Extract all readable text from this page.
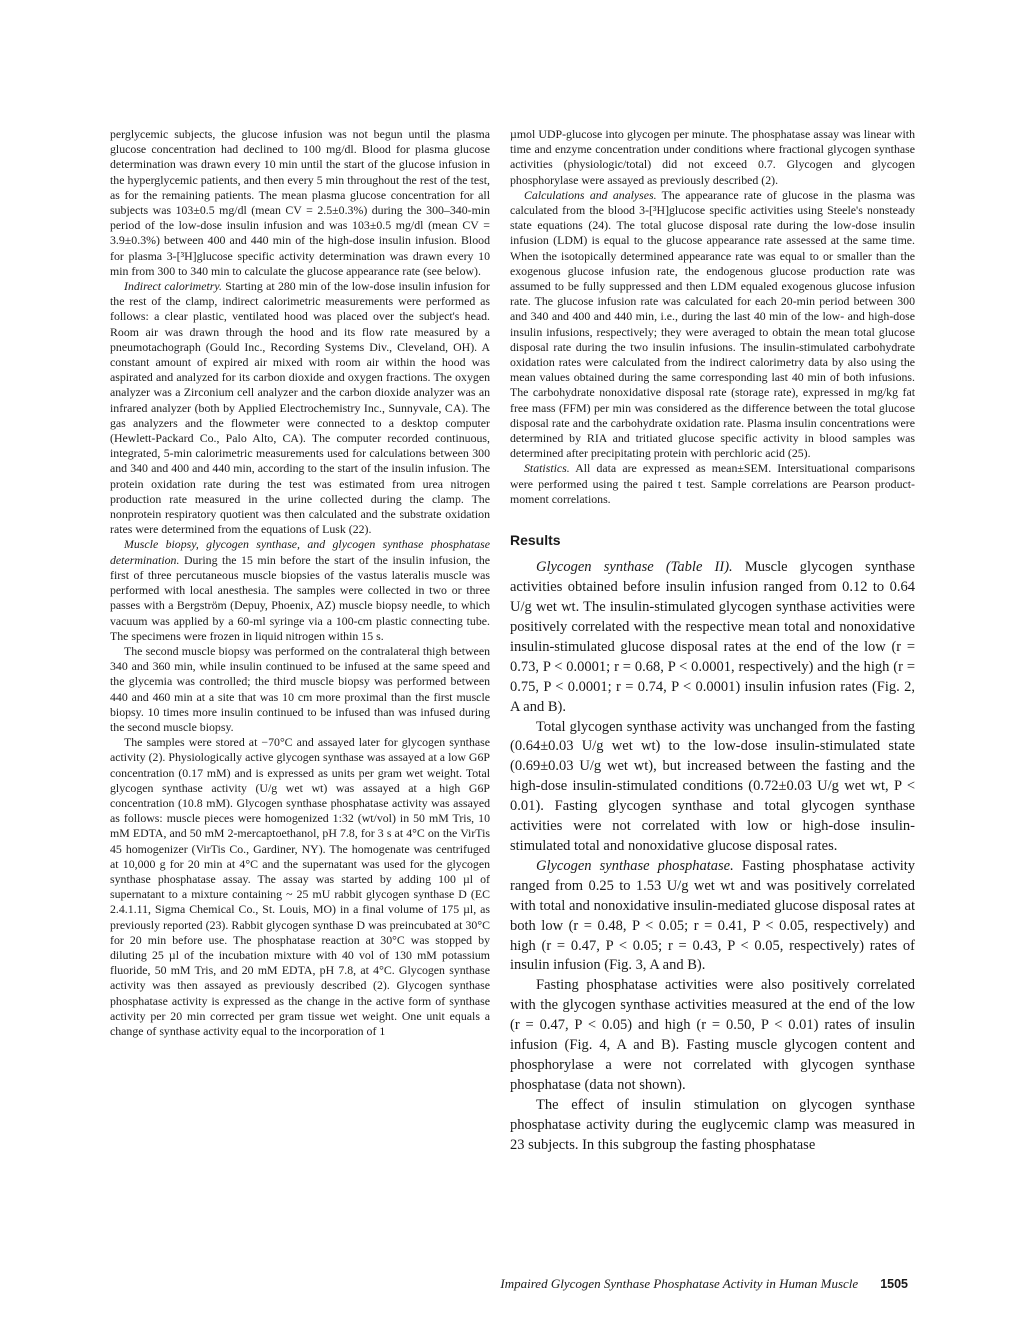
perglycemic subjects, the glucose infusion was not begun until the plasma glucose concentration had declined to 100 mg/dl. Blood for plasma glucose determination was drawn every 10 min until the start of the glucose infusion in the hyperglycemic patients, and then every 5 min throughout the rest of the test, as for the remaining patients. The mean plasma glucose concentration for all subjects was 103±0.5 mg/dl (mean CV = 2.5±0.3%) during the 300–340-min period of the low-dose insulin infusion and was 103±0.5 mg/dl (mean CV = 3.9±0.3%) between 400 and 440 min of the high-dose insulin infusion. Blood for plasma 3-[³H]glucose specific activity determination was drawn every 10 min from 300 to 340 min to calculate the glucose appearance rate (see below).

Indirect calorimetry. Starting at 280 min of the low-dose insulin infusion for the rest of the clamp, indirect calorimetric measurements were performed as follows: a clear plastic, ventilated hood was placed over the subject's head. Room air was drawn through the hood and its flow rate measured by a pneumotachograph (Gould Inc., Recording Systems Div., Cleveland, OH). A constant amount of expired air mixed with room air within the hood was aspirated and analyzed for its carbon dioxide and oxygen fractions. The oxygen analyzer was a Zirconium cell analyzer and the carbon dioxide analyzer was an infrared analyzer (both by Applied Electrochemistry Inc., Sunnyvale, CA). The gas analyzers and the flowmeter were connected to a desktop computer (Hewlett-Packard Co., Palo Alto, CA). The computer recorded continuous, integrated, 5-min calorimetric measurements used for calculations between 300 and 340 and 400 and 440 min, according to the start of the insulin infusion. The protein oxidation rate during the test was estimated from urea nitrogen production rate measured in the urine collected during the clamp. The nonprotein respiratory quotient was then calculated and the substrate oxidation rates were determined from the equations of Lusk (22).

Muscle biopsy, glycogen synthase, and glycogen synthase phosphatase determination. During the 15 min before the start of the insulin infusion, the first of three percutaneous muscle biopsies of the vastus lateralis muscle was performed with local anesthesia. The samples were collected in two or three passes with a Bergström (Depuy, Phoenix, AZ) muscle biopsy needle, to which vacuum was applied by a 60-ml syringe via a 100-cm plastic connecting tube. The specimens were frozen in liquid nitrogen within 15 s.

The second muscle biopsy was performed on the contralateral thigh between 340 and 360 min, while insulin continued to be infused at the same speed and the glycemia was controlled; the third muscle biopsy was performed between 440 and 460 min at a site that was 10 cm more proximal than the first muscle biopsy. 10 times more insulin continued to be infused than was infused during the second muscle biopsy.

The samples were stored at −70°C and assayed later for glycogen synthase activity (2). Physiologically active glycogen synthase was assayed at a low G6P concentration (0.17 mM) and is expressed as units per gram wet weight. Total glycogen synthase activity (U/g wet wt) was assayed at a high G6P concentration (10.8 mM). Glycogen synthase phosphatase activity was assayed as follows: muscle pieces were homogenized 1:32 (wt/vol) in 50 mM Tris, 10 mM EDTA, and 50 mM 2-mercaptoethanol, pH 7.8, for 3 s at 4°C on the VirTis 45 homogenizer (VirTis Co., Gardiner, NY). The homogenate was centrifuged at 10,000 g for 20 min at 4°C and the supernatant was used for the glycogen synthase phosphatase assay. The assay was started by adding 100 µl of supernatant to a mixture containing ~ 25 mU rabbit glycogen synthase D (EC 2.4.1.11, Sigma Chemical Co., St. Louis, MO) in a final volume of 175 µl, as previously reported (23). Rabbit glycogen synthase D was preincubated at 30°C for 20 min before use. The phosphatase reaction at 30°C was stopped by diluting 25 µl of the incubation mixture with 40 vol of 130 mM potassium fluoride, 50 mM Tris, and 20 mM EDTA, pH 7.8, at 4°C. Glycogen synthase activity was then assayed as previously described (2). Glycogen synthase phosphatase activity is expressed as the change in the active form of synthase activity per 20 min corrected per gram tissue wet weight. One unit equals a change of synthase activity equal to the incorporation of 1

µmol UDP-glucose into glycogen per minute. The phosphatase assay was linear with time and enzyme concentration under conditions where fractional glycogen synthase activities (physiologic/total) did not exceed 0.7. Glycogen and glycogen phosphorylase were assayed as previously described (2).

Calculations and analyses. The appearance rate of glucose in the plasma was calculated from the blood 3-[³H]glucose specific activities using Steele's nonsteady state equations (24). The total glucose disposal rate during the low-dose insulin infusion (LDM) is equal to the glucose appearance rate assessed at the same time. When the isotopically determined appearance rate was equal to or smaller than the exogenous glucose infusion rate, the endogenous glucose production rate was assumed to be fully suppressed and then LDM equaled exogenous glucose infusion rate. The glucose infusion rate was calculated for each 20-min period between 300 and 340 and 400 and 440 min, i.e., during the last 40 min of the low- and high-dose insulin infusions, respectively; they were averaged to obtain the mean total glucose disposal rate during the two insulin infusions. The insulin-stimulated carbohydrate oxidation rates were calculated from the indirect calorimetry data by also using the mean values obtained during the same corresponding last 40 min of both infusions. The carbohydrate nonoxidative disposal rate (storage rate), expressed in mg/kg fat free mass (FFM) per min was considered as the difference between the total glucose disposal rate and the carbohydrate oxidation rate. Plasma insulin concentrations were determined by RIA and tritiated glucose specific activity in blood samples was determined after precipitating protein with perchloric acid (25).

Statistics. All data are expressed as mean±SEM. Intersituational comparisons were performed using the paired t test. Sample correlations are Pearson product-moment correlations.

Results

Glycogen synthase (Table II). Muscle glycogen synthase activities obtained before insulin infusion ranged from 0.12 to 0.64 U/g wet wt. The insulin-stimulated glycogen synthase activities were positively correlated with the respective mean total and nonoxidative insulin-stimulated glucose disposal rates at the end of the low (r = 0.73, P < 0.0001; r = 0.68, P < 0.0001, respectively) and the high (r = 0.75, P < 0.0001; r = 0.74, P < 0.0001) insulin infusion rates (Fig. 2, A and B).

Total glycogen synthase activity was unchanged from the fasting (0.64±0.03 U/g wet wt) to the low-dose insulin-stimulated state (0.69±0.03 U/g wet wt), but increased between the fasting and the high-dose insulin-stimulated conditions (0.72±0.03 U/g wet wt, P < 0.01). Fasting glycogen synthase and total glycogen synthase activities were not correlated with low or high-dose insulin-stimulated total and nonoxidative glucose disposal rates.

Glycogen synthase phosphatase. Fasting phosphatase activity ranged from 0.25 to 1.53 U/g wet wt and was positively correlated with total and nonoxidative insulin-mediated glucose disposal rates at both low (r = 0.48, P < 0.05; r = 0.41, P < 0.05, respectively) and high (r = 0.47, P < 0.05; r = 0.43, P < 0.05, respectively) rates of insulin infusion (Fig. 3, A and B).

Fasting phosphatase activities were also positively correlated with the glycogen synthase activities measured at the end of the low (r = 0.47, P < 0.05) and high (r = 0.50, P < 0.01) rates of insulin infusion (Fig. 4, A and B). Fasting muscle glycogen content and phosphorylase a were not correlated with glycogen synthase phosphatase (data not shown).

The effect of insulin stimulation on glycogen synthase phosphatase activity during the euglycemic clamp was measured in 23 subjects. In this subgroup the fasting phosphatase

Impaired Glycogen Synthase Phosphatase Activity in Human Muscle 1505
